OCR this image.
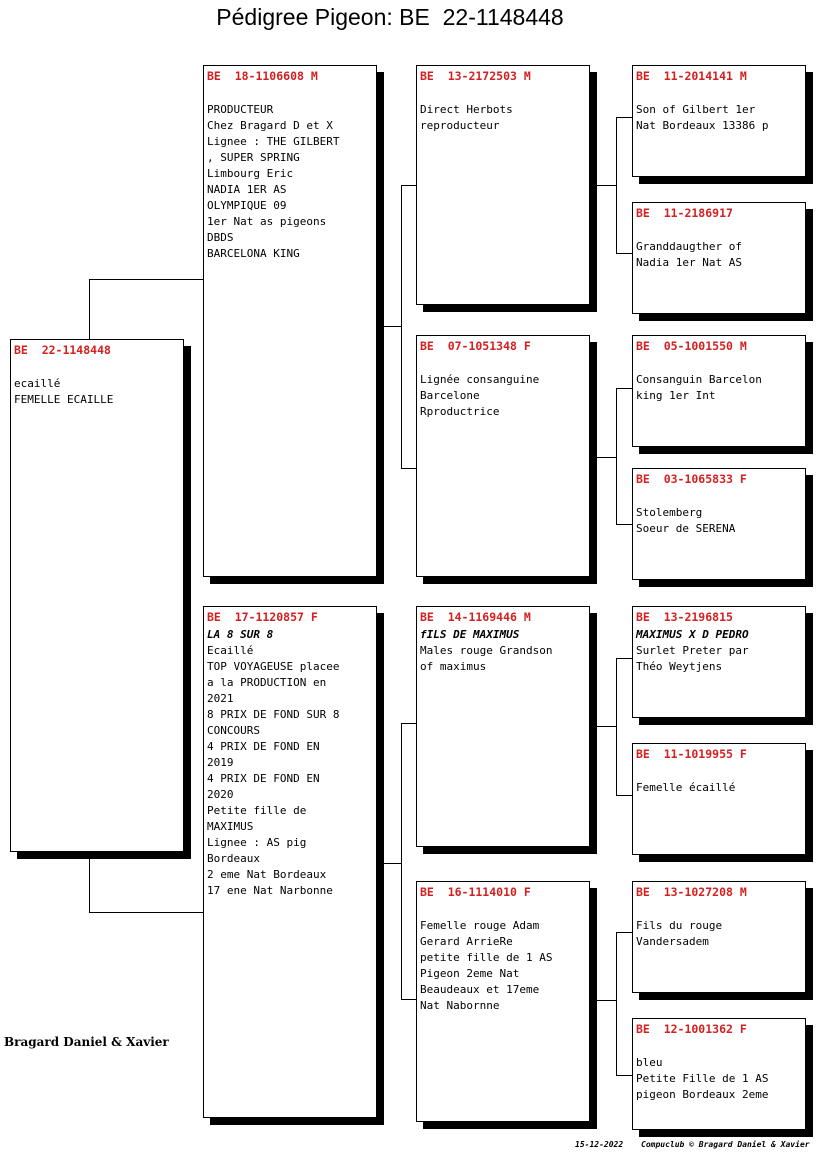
Pédigree Pigeon: BE  22-1148448
BE  22-1148448
ecaillé
FEMELLE ECAILLE
BE  18-1106608 M
PRODUCTEUR
Chez Bragard D et X
Lignee : THE GILBERT
, SUPER SPRING
Limbourg Eric
NADIA 1ER AS
OLYMPIQUE 09
1er Nat as pigeons
DBDS
BARCELONA KING
BE  17-1120857 F
LA 8 SUR 8
Ecaillé
TOP VOYAGEUSE placee
a la PRODUCTION en
2021
8 PRIX DE FOND SUR 8
CONCOURS
4 PRIX DE FOND EN
2019
4 PRIX DE FOND EN
2020
Petite fille de
MAXIMUS
Lignee : AS pig
Bordeaux
2 eme Nat Bordeaux
17 ene Nat Narbonne
BE  13-2172503 M
Direct Herbots
reproducteur
BE  07-1051348 F
Lignée consanguine
Barcelone
Rproductrice
BE  14-1169446 M
fILS DE MAXIMUS
Males rouge Grandson
of maximus
BE  16-1114010 F
Femelle rouge Adam
Gerard ArrieRe
petite fille de 1 AS
Pigeon 2eme Nat
Beaudeaux et 17eme
Nat Nabornne
BE  11-2014141 M
Son of Gilbert 1er
Nat Bordeaux 13386 p
BE  11-2186917
Granddaugther of
Nadia 1er Nat AS
BE  05-1001550 M
Consanguin Barcelon
king 1er Int
BE  03-1065833 F
Stolemberg
Soeur de SERENA
BE  13-2196815
MAXIMUS X D PEDRO
Surlet Preter par
Théo Weytjens
BE  11-1019955 F
Femelle écaillé
BE  13-1027208 M
Fils du rouge
Vandersadem
BE  12-1001362 F
bleu
Petite Fille de 1 AS
pigeon Bordeaux 2eme
Bragard Daniel & Xavier
15-12-2022 Compuclub © Bragard Daniel & Xavier
